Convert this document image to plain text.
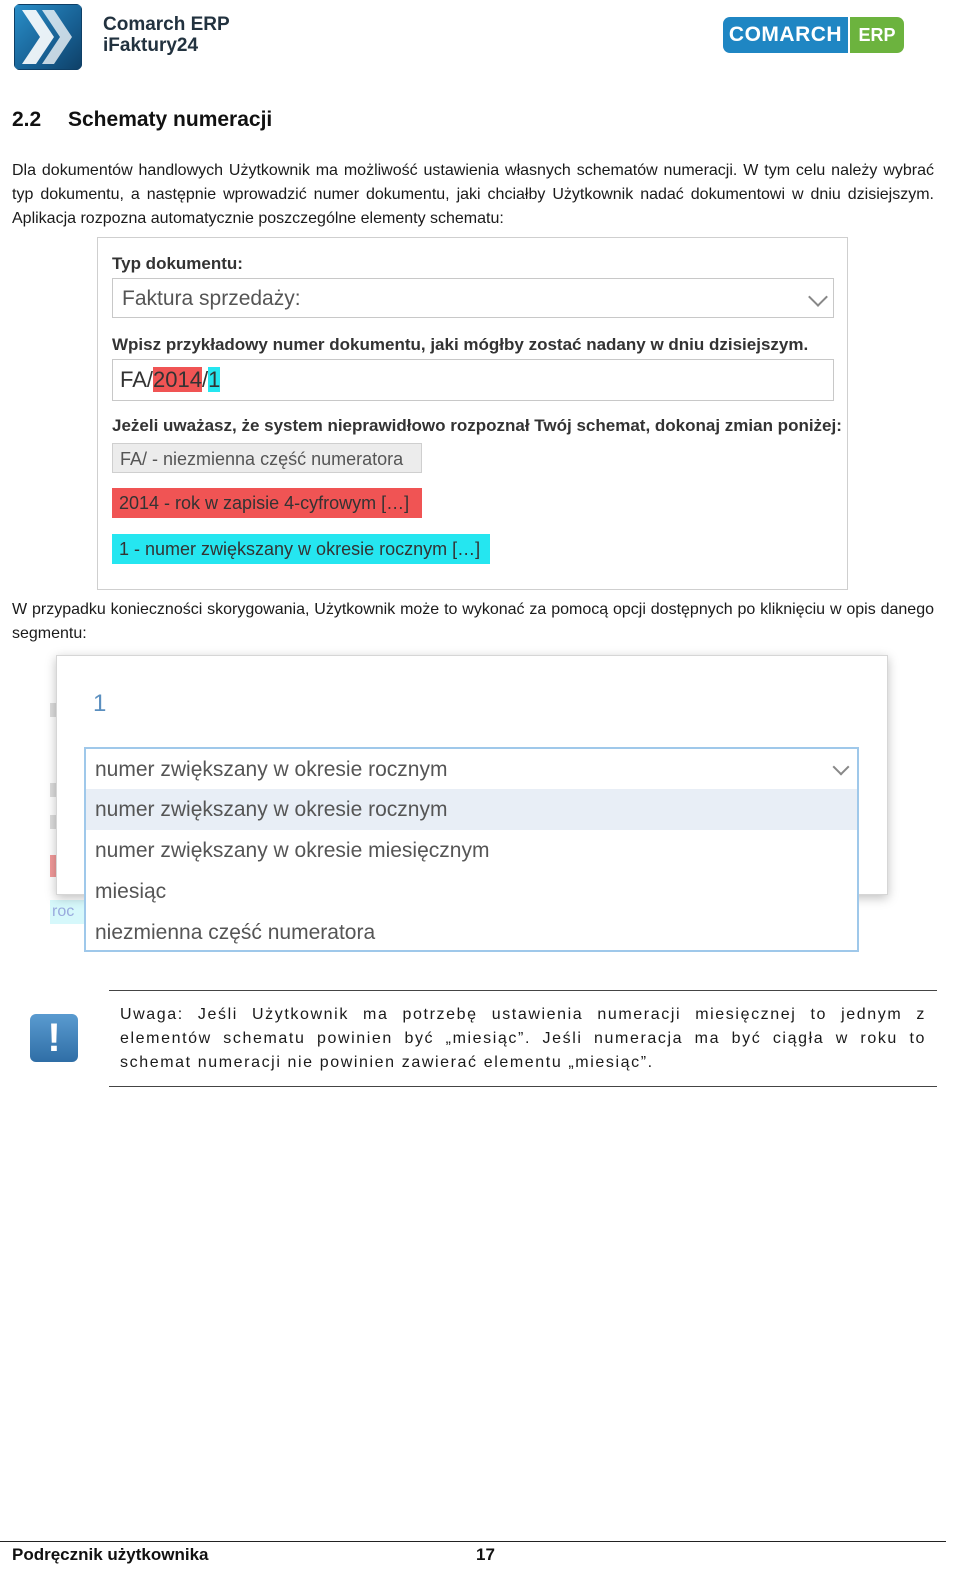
Comarch ERP
iFaktury24	COMARCH ERP
2.2 Schematy numeracji
Dla dokumentów handlowych Użytkownik ma możliwość ustawienia własnych schematów numeracji. W tym celu należy wybrać typ dokumentu, a następnie wprowadzić numer dokumentu, jaki chciałby Użytkownik nadać dokumentowi w dniu dzisiejszym. Aplikacja rozpozna automatycznie poszczególne elementy schematu:
Typ dokumentu:
Faktura sprzedaży:
Wpisz przykładowy numer dokumentu, jaki mógłby zostać nadany w dniu dzisiejszym.
FA/2014/1
Jeżeli uważasz, że system nieprawidłowo rozpoznał Twój schemat, dokonaj zmian poniżej:
FA/ - niezmienna część numeratora
2014 - rok w zapisie 4-cyfrowym […]
1 - numer zwiększany w okresie rocznym […]
W przypadku konieczności skorygowania, Użytkownik może to wykonać za pomocą opcji dostępnych po kliknięciu w opis danego segmentu:
roc
1
numer zwiększany w okresie rocznym
numer zwiększany w okresie rocznym
numer zwiększany w okresie miesięcznym
miesiąc
niezmienna część numeratora
!
Uwaga: Jeśli Użytkownik ma potrzebę ustawienia numeracji miesięcznej to jednym z elementów schematu powinien być „miesiąc”. Jeśli numeracja ma być ciągła w roku to schemat numeracji nie powinien zawierać elementu „miesiąc”.
Podręcznik użytkownika	17
